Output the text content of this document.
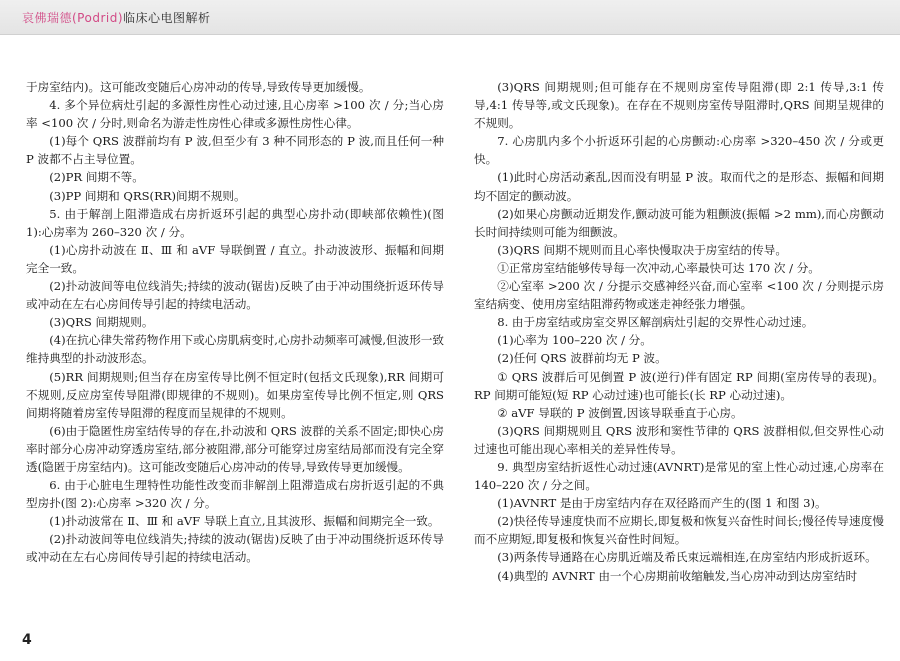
哀佛瑞德(Podrid)临床心电图解析

于房室结内)。这可能改变随后心房冲动的传导,导致传导更加缓慢。

4. 多个异位病灶引起的多源性房性心动过速,且心房率 >100 次 / 分;当心房率 <100 次 / 分时,则命名为游走性房性心律或多源性房性心律。

(1)每个 QRS 波群前均有 P 波,但至少有 3 种不同形态的 P 波,而且任何一种 P 波都不占主导位置。

(2)PR 间期不等。

(3)PP 间期和 QRS(RR)间期不规则。

5. 由于解剖上阻滞造成右房折返环引起的典型心房扑动(即峡部依赖性)(图 1):心房率为 260–320 次 / 分。

(1)心房扑动波在 Ⅱ、Ⅲ 和 aVF 导联倒置 / 直立。扑动波波形、振幅和间期完全一致。

(2)扑动波间等电位线消失;持续的波动(锯齿)反映了由于冲动围绕折返环传导或冲动在左右心房间传导引起的持续电活动。

(3)QRS 间期规则。

(4)在抗心律失常药物作用下或心房肌病变时,心房扑动频率可减慢,但波形一致维持典型的扑动波形态。

(5)RR 间期规则;但当存在房室传导比例不恒定时(包括文氏现象),RR 间期可不规则,反应房室传导阻滞(即规律的不规则)。如果房室传导比例不恒定,则 QRS 间期将随着房室传导阻滞的程度而呈规律的不规则。

(6)由于隐匿性房室结传导的存在,扑动波和 QRS 波群的关系不固定;即快心房率时部分心房冲动穿透房室结,部分被阻滞,部分可能穿过房室结局部而没有完全穿透(隐匿于房室结内)。这可能改变随后心房冲动的传导,导致传导更加缓慢。

6. 由于心脏电生理特性功能性改变而非解剖上阻滞造成右房折返引起的不典型房扑(图 2):心房率 >320 次 / 分。

(1)扑动波常在 Ⅱ、Ⅲ 和 aVF 导联上直立,且其波形、振幅和间期完全一致。

(2)扑动波间等电位线消失;持续的波动(锯齿)反映了由于冲动围绕折返环传导或冲动在左右心房间传导引起的持续电活动。

(3)QRS 间期规则;但可能存在不规则房室传导阻滞(即 2:1 传导,3:1 传导,4:1 传导等,或文氏现象)。在存在不规则房室传导阻滞时,QRS 间期呈规律的不规则。

7. 心房肌内多个小折返环引起的心房颤动:心房率 >320–450 次 / 分或更快。

(1)此时心房活动紊乱,因而没有明显 P 波。取而代之的是形态、振幅和间期均不固定的颤动波。

(2)如果心房颤动近期发作,颤动波可能为粗颤波(振幅 >2 mm),而心房颤动长时间持续则可能为细颤波。

(3)QRS 间期不规则而且心率快慢取决于房室结的传导。

①正常房室结能够传导每一次冲动,心率最快可达 170 次 / 分。

②心室率 >200 次 / 分提示交感神经兴奋,而心室率 <100 次 / 分则提示房室结病变、使用房室结阻滞药物或迷走神经张力增强。

8. 由于房室结或房室交界区解剖病灶引起的交界性心动过速。

(1)心率为 100–220 次 / 分。

(2)任何 QRS 波群前均无 P 波。

① QRS 波群后可见倒置 P 波(逆行)伴有固定 RP 间期(室房传导的表现)。RP 间期可能短(短 RP 心动过速)也可能长(长 RP 心动过速)。

② aVF 导联的 P 波倒置,因该导联垂直于心房。

(3)QRS 间期规则且 QRS 波形和窦性节律的 QRS 波群相似,但交界性心动过速也可能出现心率相关的差异性传导。

9. 典型房室结折返性心动过速(AVNRT)是常见的室上性心动过速,心房率在 140–220 次 / 分之间。

(1)AVNRT 是由于房室结内存在双径路而产生的(图 1 和图 3)。

(2)快径传导速度快而不应期长,即复极和恢复兴奋性时间长;慢径传导速度慢而不应期短,即复极和恢复兴奋性时间短。

(3)两条传导通路在心房肌近端及希氏束远端相连,在房室结内形成折返环。

(4)典型的 AVNRT 由一个心房期前收缩触发,当心房冲动到达房室结时

4
